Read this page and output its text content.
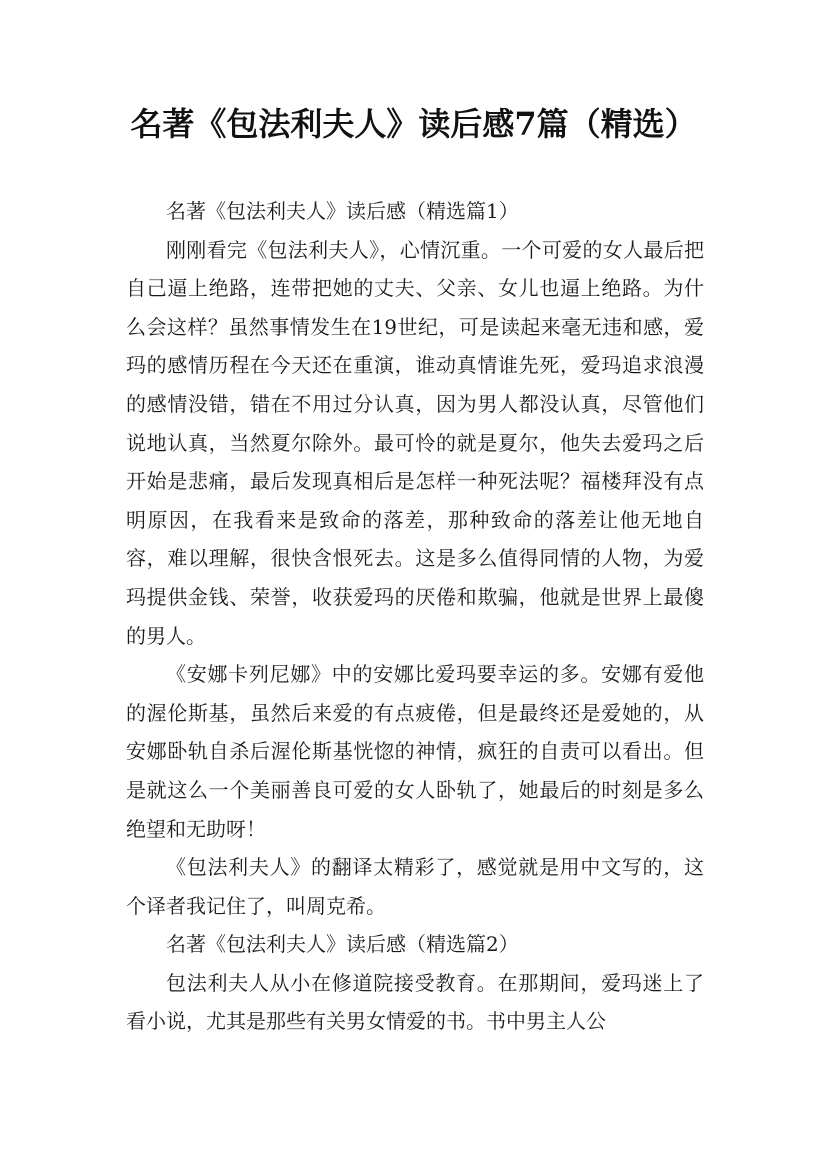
名著《包法利夫人》读后感7篇（精选）

名著《包法利夫人》读后感（精选篇1）

刚刚看完《包法利夫人》，心情沉重。一个可爱的女人最后把自己逼上绝路，连带把她的丈夫、父亲、女儿也逼上绝路。为什么会这样？虽然事情发生在19世纪，可是读起来毫无违和感，爱玛的感情历程在今天还在重演，谁动真情谁先死，爱玛追求浪漫的感情没错，错在不用过分认真，因为男人都没认真，尽管他们说地认真，当然夏尔除外。最可怜的就是夏尔，他失去爱玛之后开始是悲痛，最后发现真相后是怎样一种死法呢？福楼拜没有点明原因，在我看来是致命的落差，那种致命的落差让他无地自容，难以理解，很快含恨死去。这是多么值得同情的人物，为爱玛提供金钱、荣誉，收获爱玛的厌倦和欺骗，他就是世界上最傻的男人。

《安娜卡列尼娜》中的安娜比爱玛要幸运的多。安娜有爱他的渥伦斯基，虽然后来爱的有点疲倦，但是最终还是爱她的，从安娜卧轨自杀后渥伦斯基恍惚的神情，疯狂的自责可以看出。但是就这么一个美丽善良可爱的女人卧轨了，她最后的时刻是多么绝望和无助呀！

《包法利夫人》的翻译太精彩了，感觉就是用中文写的，这个译者我记住了，叫周克希。

名著《包法利夫人》读后感（精选篇2）

包法利夫人从小在修道院接受教育。在那期间，爱玛迷上了看小说，尤其是那些有关男女情爱的书。书中男主人公
